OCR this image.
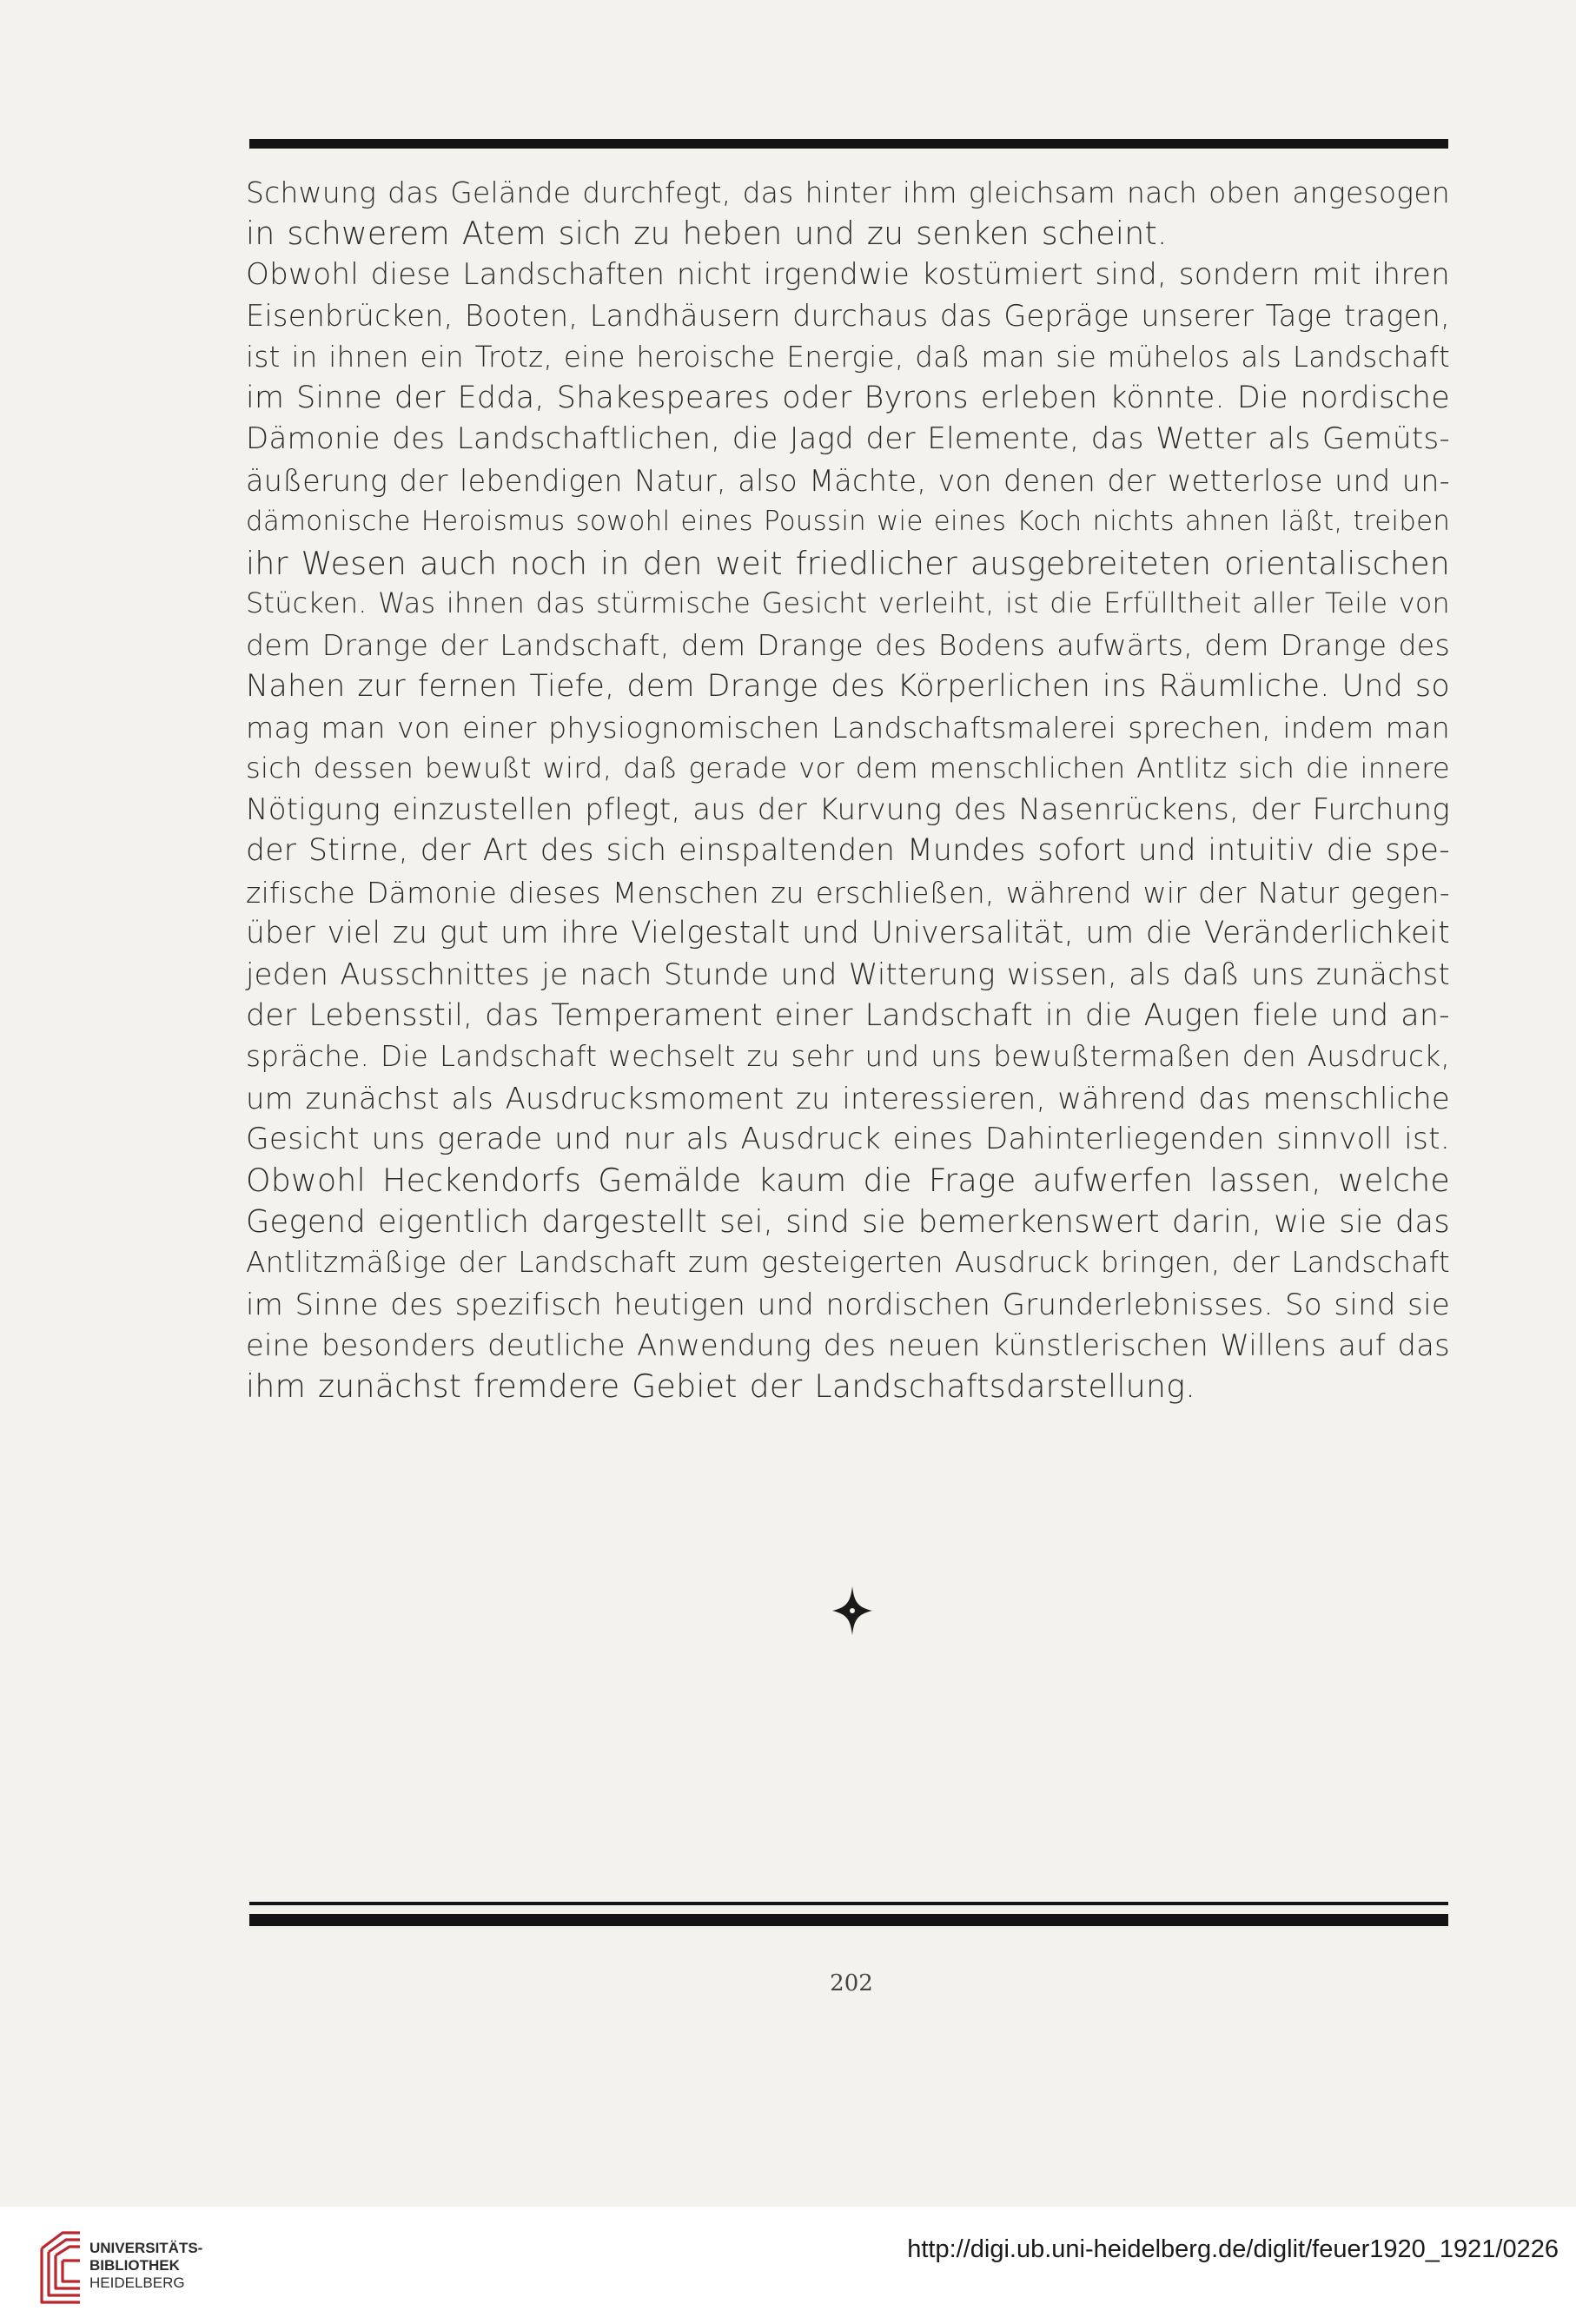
Schwung das Gelände durchfegt, das hinter ihm gleichsam nach oben angesogen
in schwerem Atem sich zu heben und zu senken scheint.
Obwohl diese Landschaften nicht irgendwie kostümiert sind, sondern mit ihren
Eisenbrücken, Booten, Landhäusern durchaus das Gepräge unserer Tage tragen,
ist in ihnen ein Trotz, eine heroische Energie, daß man sie mühelos als Landschaft
im Sinne der Edda, Shakespeares oder Byrons erleben könnte. Die nordische
Dämonie des Landschaftlichen, die Jagd der Elemente, das Wetter als Gemüts-
äußerung der lebendigen Natur, also Mächte, von denen der wetterlose und un-
dämonische Heroismus sowohl eines Poussin wie eines Koch nichts ahnen läßt, treiben
ihr Wesen auch noch in den weit friedlicher ausgebreiteten orientalischen
Stücken. Was ihnen das stürmische Gesicht verleiht, ist die Erfülltheit aller Teile von
dem Drange der Landschaft, dem Drange des Bodens aufwärts, dem Drange des
Nahen zur fernen Tiefe, dem Drange des Körperlichen ins Räumliche. Und so
mag man von einer physiognomischen Landschaftsmalerei sprechen, indem man
sich dessen bewußt wird, daß gerade vor dem menschlichen Antlitz sich die innere
Nötigung einzustellen pflegt, aus der Kurvung des Nasenrückens, der Furchung
der Stirne, der Art des sich einspaltenden Mundes sofort und intuitiv die spe-
zifische Dämonie dieses Menschen zu erschließen, während wir der Natur gegen-
über viel zu gut um ihre Vielgestalt und Universalität, um die Veränderlichkeit
jeden Ausschnittes je nach Stunde und Witterung wissen, als daß uns zunächst
der Lebensstil, das Temperament einer Landschaft in die Augen fiele und an-
spräche. Die Landschaft wechselt zu sehr und uns bewußtermaßen den Ausdruck,
um zunächst als Ausdrucksmoment zu interessieren, während das menschliche
Gesicht uns gerade und nur als Ausdruck eines Dahinterliegenden sinnvoll ist.
Obwohl Heckendorfs Gemälde kaum die Frage aufwerfen lassen, welche
Gegend eigentlich dargestellt sei, sind sie bemerkenswert darin, wie sie das
Antlitzmäßige der Landschaft zum gesteigerten Ausdruck bringen, der Landschaft
im Sinne des spezifisch heutigen und nordischen Grunderlebnisses. So sind sie
eine besonders deutliche Anwendung des neuen künstlerischen Willens auf das
ihm zunächst fremdere Gebiet der Landschaftsdarstellung.
202
UNIVERSITÄTS-
BIBLIOTHEK
HEIDELBERG
http://digi.ub.uni-heidelberg.de/diglit/feuer1920_1921/0226
